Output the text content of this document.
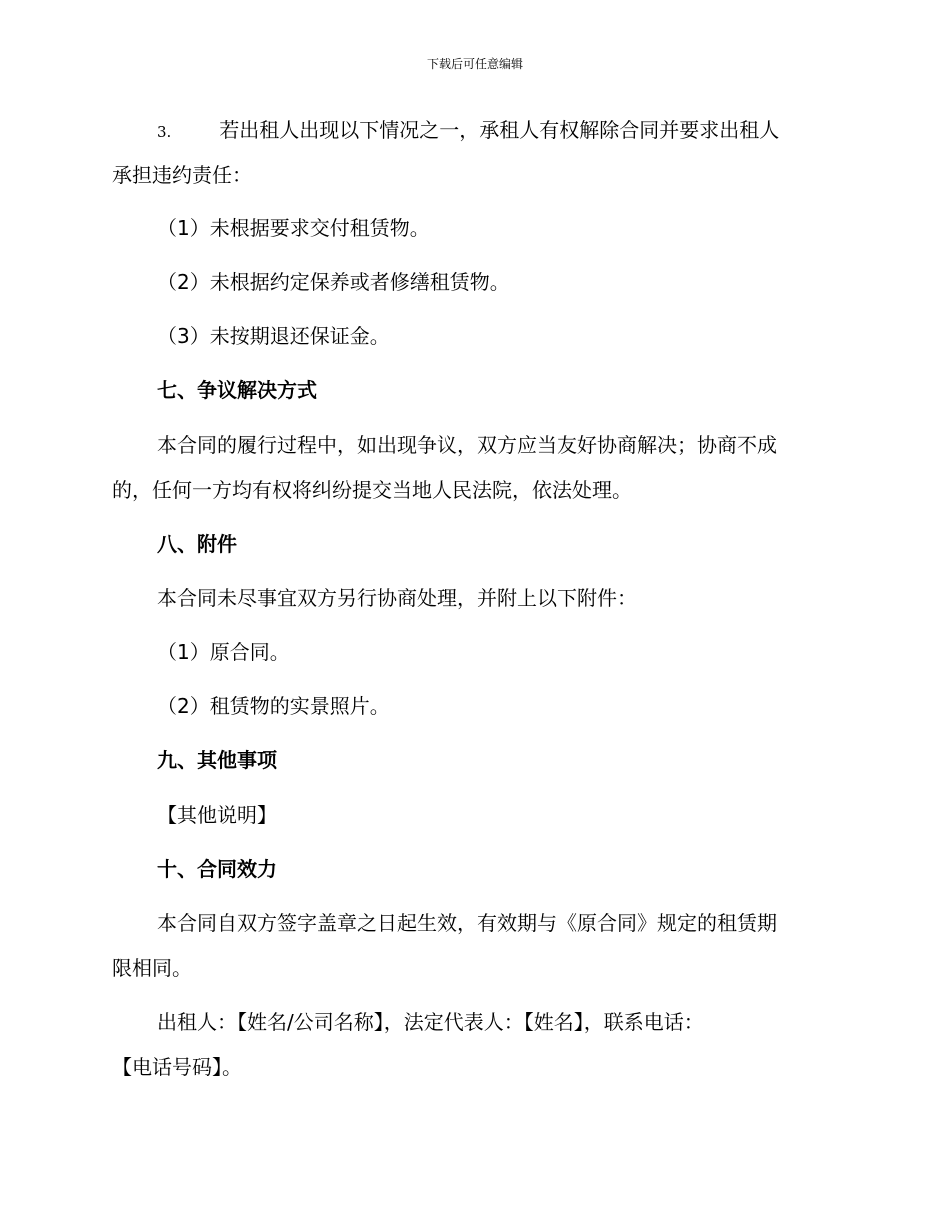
下载后可任意编辑
3. 若出租人出现以下情况之一，承租人有权解除合同并要求出租人
承担违约责任：
（1）未根据要求交付租赁物。
（2）未根据约定保养或者修缮租赁物。
（3）未按期退还保证金。
七、争议解决方式
本合同的履行过程中，如出现争议，双方应当友好协商解决；协商不成
的，任何一方均有权将纠纷提交当地人民法院，依法处理。
八、附件
本合同未尽事宜双方另行协商处理，并附上以下附件：
（1）原合同。
（2）租赁物的实景照片。
九、其他事项
【其他说明】
十、合同效力
本合同自双方签字盖章之日起生效，有效期与《原合同》规定的租赁期
限相同。
出租人：【姓名/公司名称】，法定代表人：【姓名】，联系电话：
【电话号码】。
